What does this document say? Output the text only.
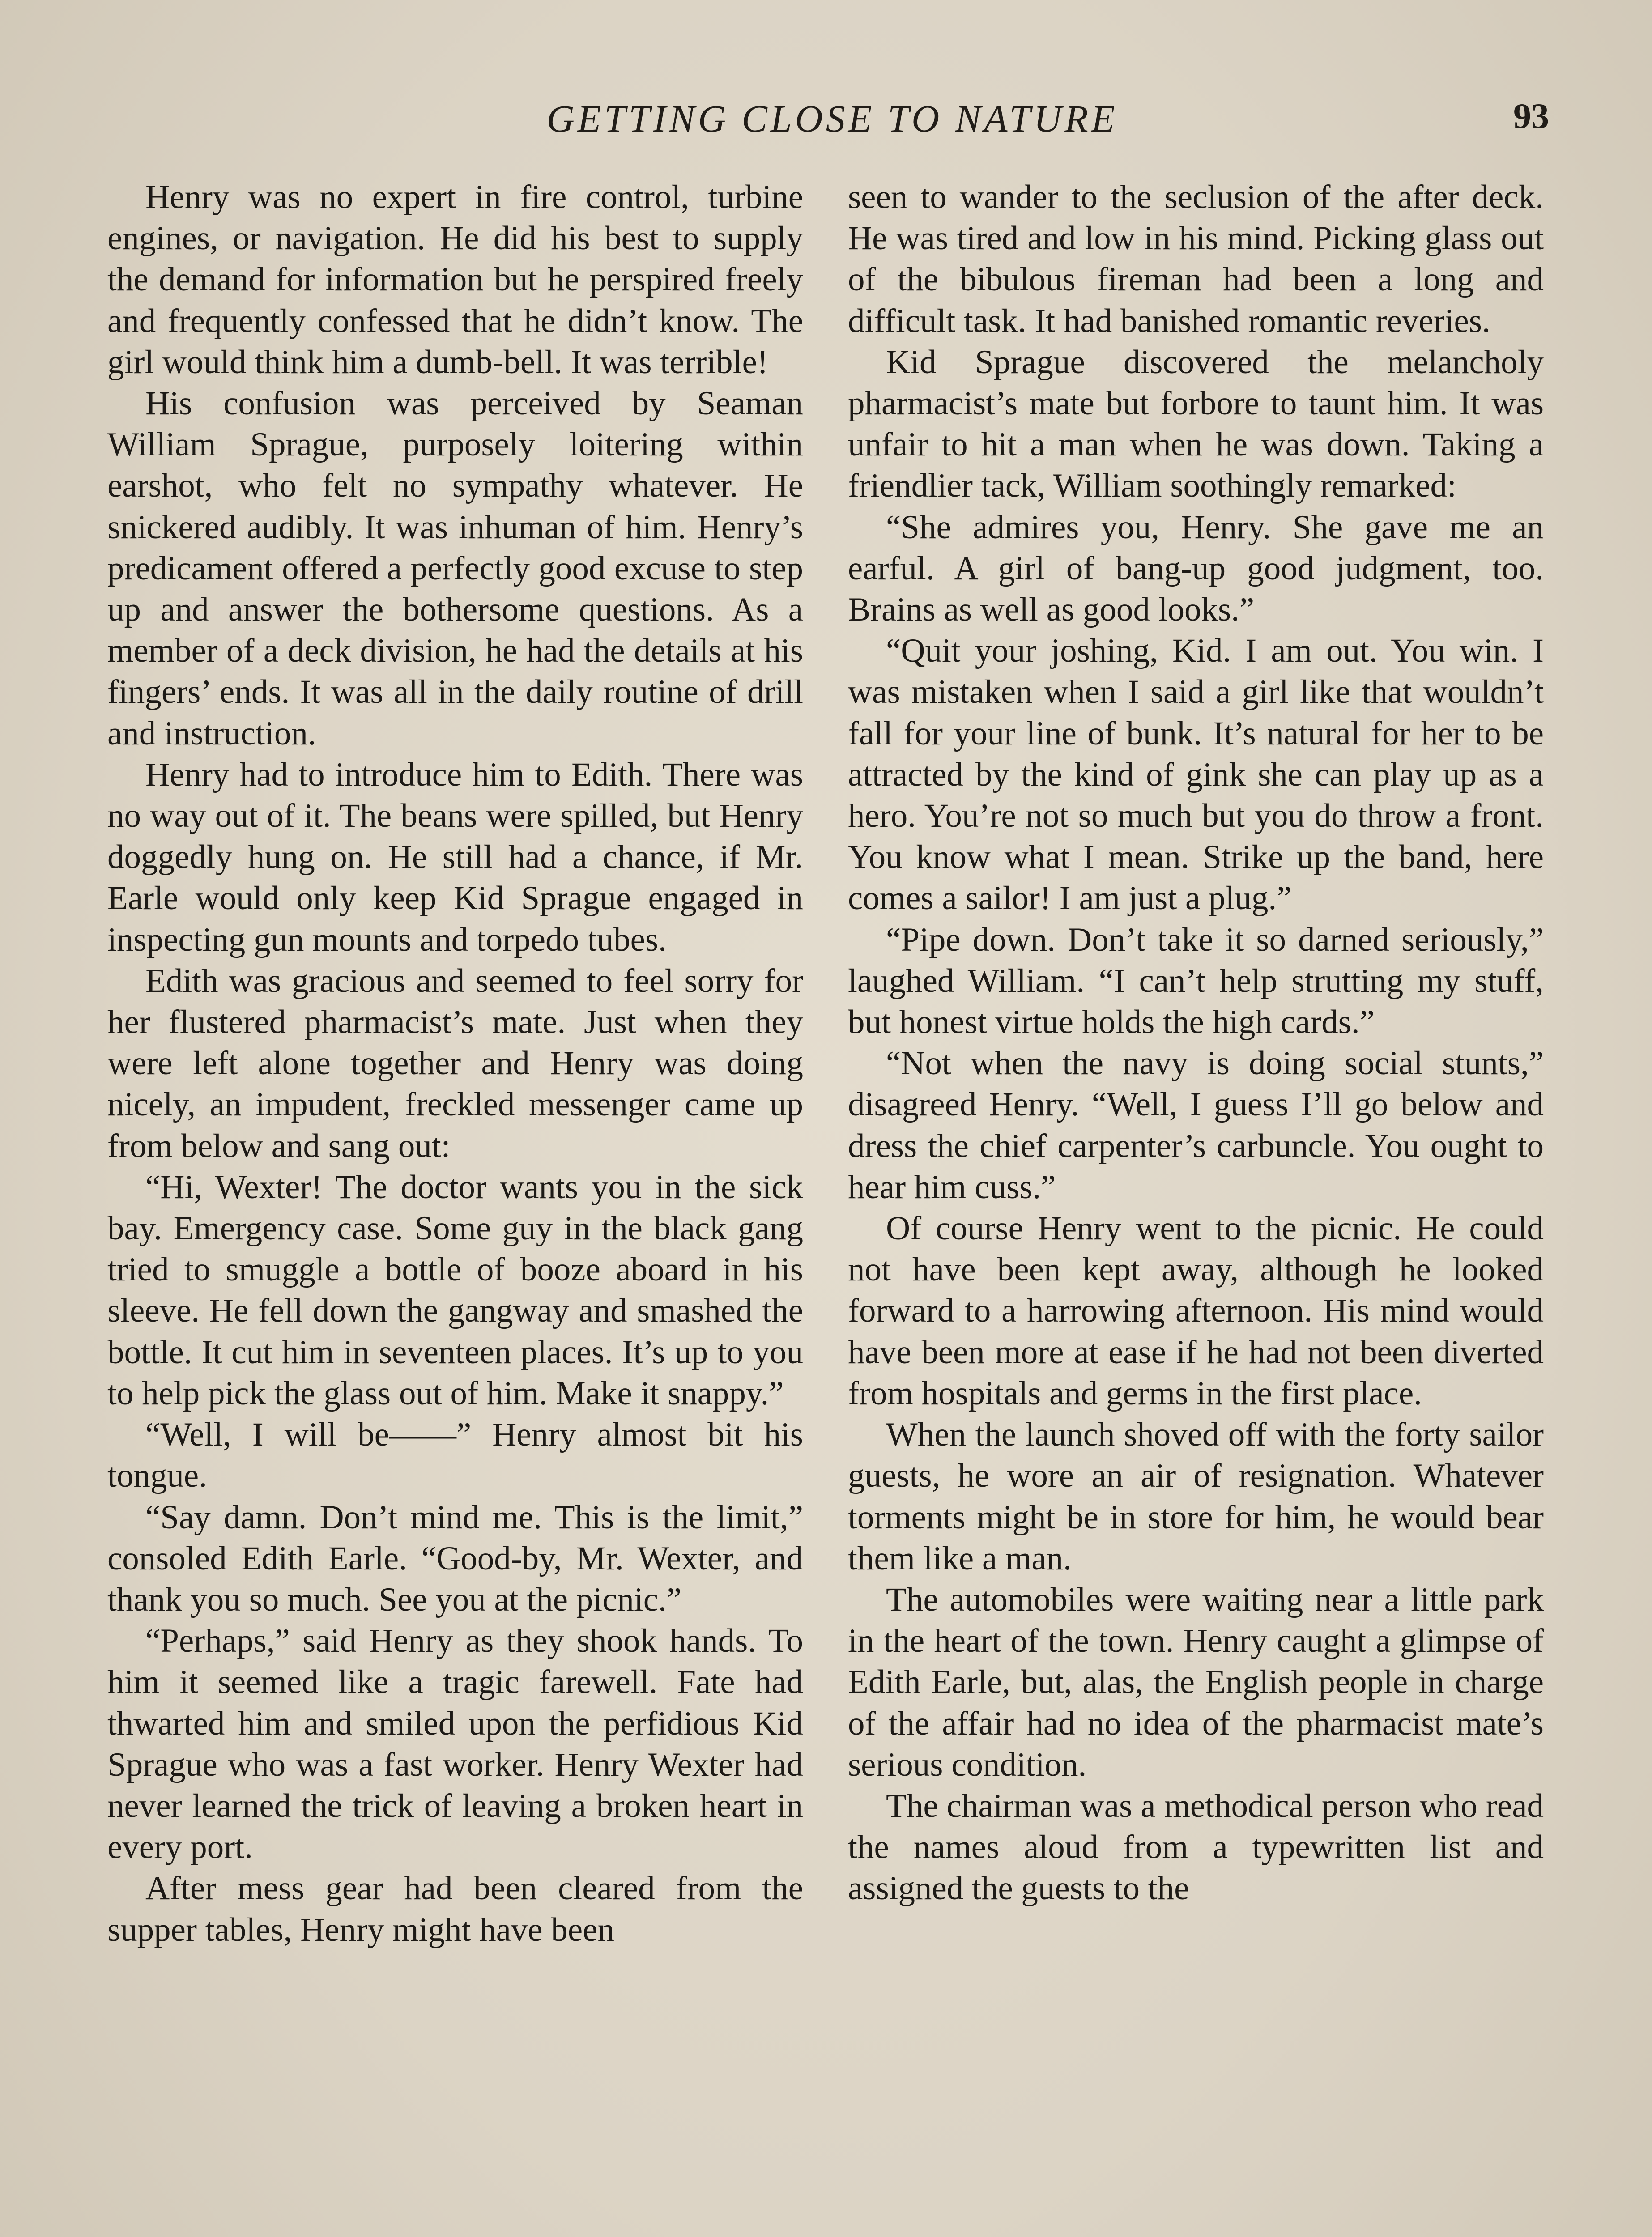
GETTING CLOSE TO NATURE	93

Henry was no expert in fire control, turbine engines, or navigation. He did his best to supply the demand for information but he perspired freely and frequently confessed that he didn’t know. The girl would think him a dumb-bell. It was terrible!

His confusion was perceived by Seaman William Sprague, purposely loitering within earshot, who felt no sympathy whatever. He snickered audibly. It was inhuman of him. Henry’s predicament offered a perfectly good excuse to step up and answer the bothersome questions. As a member of a deck division, he had the details at his fingers’ ends. It was all in the daily routine of drill and instruction.

Henry had to introduce him to Edith. There was no way out of it. The beans were spilled, but Henry doggedly hung on. He still had a chance, if Mr. Earle would only keep Kid Sprague engaged in inspecting gun mounts and torpedo tubes.

Edith was gracious and seemed to feel sorry for her flustered pharmacist’s mate. Just when they were left alone together and Henry was doing nicely, an impudent, freckled messenger came up from below and sang out:

“Hi, Wexter! The doctor wants you in the sick bay. Emergency case. Some guy in the black gang tried to smuggle a bottle of booze aboard in his sleeve. He fell down the gangway and smashed the bottle. It cut him in seventeen places. It’s up to you to help pick the glass out of him. Make it snappy.”

“Well, I will be——” Henry almost bit his tongue.

“Say damn. Don’t mind me. This is the limit,” consoled Edith Earle. “Good-by, Mr. Wexter, and thank you so much. See you at the picnic.”

“Perhaps,” said Henry as they shook hands. To him it seemed like a tragic farewell. Fate had thwarted him and smiled upon the perfidious Kid Sprague who was a fast worker. Henry Wexter had never learned the trick of leaving a broken heart in every port.

After mess gear had been cleared from the supper tables, Henry might have been

seen to wander to the seclusion of the after deck. He was tired and low in his mind. Picking glass out of the bibulous fireman had been a long and difficult task. It had banished romantic reveries.

Kid Sprague discovered the melancholy pharmacist’s mate but forbore to taunt him. It was unfair to hit a man when he was down. Taking a friendlier tack, William soothingly remarked:

“She admires you, Henry. She gave me an earful. A girl of bang-up good judgment, too. Brains as well as good looks.”

“Quit your joshing, Kid. I am out. You win. I was mistaken when I said a girl like that wouldn’t fall for your line of bunk. It’s natural for her to be attracted by the kind of gink she can play up as a hero. You’re not so much but you do throw a front. You know what I mean. Strike up the band, here comes a sailor! I am just a plug.”

“Pipe down. Don’t take it so darned seriously,” laughed William. “I can’t help strutting my stuff, but honest virtue holds the high cards.”

“Not when the navy is doing social stunts,” disagreed Henry. “Well, I guess I’ll go below and dress the chief carpenter’s carbuncle. You ought to hear him cuss.”

Of course Henry went to the picnic. He could not have been kept away, although he looked forward to a harrowing afternoon. His mind would have been more at ease if he had not been diverted from hospitals and germs in the first place.

When the launch shoved off with the forty sailor guests, he wore an air of resignation. Whatever torments might be in store for him, he would bear them like a man.

The automobiles were waiting near a little park in the heart of the town. Henry caught a glimpse of Edith Earle, but, alas, the English people in charge of the affair had no idea of the pharmacist mate’s serious condition.

The chairman was a methodical person who read the names aloud from a typewritten list and assigned the guests to the
